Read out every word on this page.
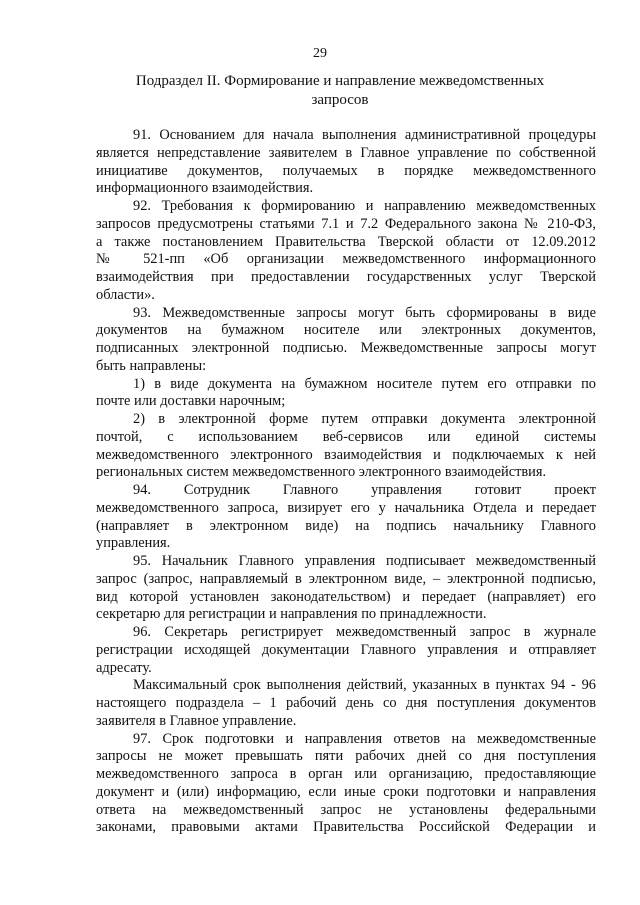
29
Подраздел II. Формирование и направление межведомственных
запросов
91. Основанием для начала выполнения административной процедуры
является непредставление заявителем в Главное управление по собственной
инициативе документов, получаемых в порядке межведомственного
информационного взаимодействия.
92. Требования к формированию и направлению межведомственных
запросов предусмотрены статьями 7.1 и 7.2 Федерального закона № 210-ФЗ,
а также постановлением Правительства Тверской области от 12.09.2012
№ 521-пп «Об организации межведомственного информационного
взаимодействия при предоставлении государственных услуг Тверской
области».
93. Межведомственные запросы могут быть сформированы в виде
документов на бумажном носителе или электронных документов,
подписанных электронной подписью. Межведомственные запросы могут
быть направлены:
1) в виде документа на бумажном носителе путем его отправки по
почте или доставки нарочным;
2) в электронной форме путем отправки документа электронной
почтой, с использованием веб-сервисов или единой системы
межведомственного электронного взаимодействия и подключаемых к ней
региональных систем межведомственного электронного взаимодействия.
94. Сотрудник Главного управления готовит проект
межведомственного запроса, визирует его у начальника Отдела и передает
(направляет в электронном виде) на подпись начальнику Главного
управления.
95. Начальник Главного управления подписывает межведомственный
запрос (запрос, направляемый в электронном виде, – электронной подписью,
вид которой установлен законодательством) и передает (направляет) его
секретарю для регистрации и направления по принадлежности.
96. Секретарь регистрирует межведомственный запрос в журнале
регистрации исходящей документации Главного управления и отправляет
адресату.
Максимальный срок выполнения действий, указанных в пунктах 94 - 96
настоящего подраздела – 1 рабочий день со дня поступления документов
заявителя в Главное управление.
97. Срок подготовки и направления ответов на межведомственные
запросы не может превышать пяти рабочих дней со дня поступления
межведомственного запроса в орган или организацию, предоставляющие
документ и (или) информацию, если иные сроки подготовки и направления
ответа на межведомственный запрос не установлены федеральными
законами, правовыми актами Правительства Российской Федерации и
